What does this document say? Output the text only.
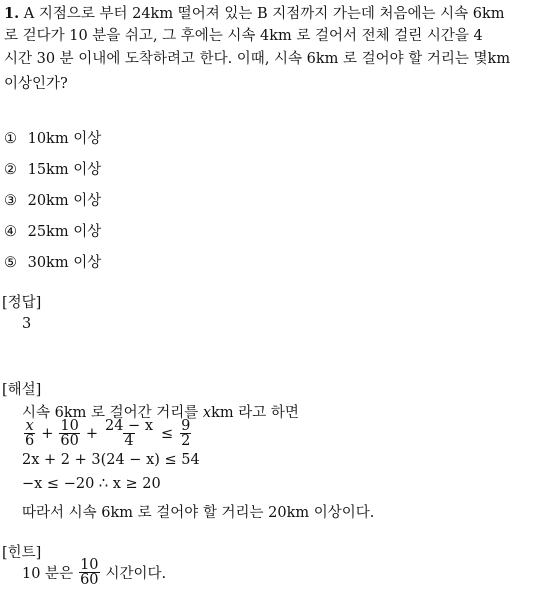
1. A 지점으로 부터 24km 떨어져 있는 B 지점까지 가는데 처음에는 시속 6km
로 걷다가 10 분을 쉬고, 그 후에는 시속 4km 로 걸어서 전체 걸린 시간을 4
시간 30 분 이내에 도착하려고 한다. 이때, 시속 6km 로 걸어야 할 거리는 몇km
이상인가?
① 10km 이상
② 15km 이상
③ 20km 이상
④ 25km 이상
⑤ 30km 이상
[정답]
3
[해설]
시속 6km 로 걸어간 거리를 xkm 라고 하면
$\frac{x}{6} + \frac{10}{60} + \frac{24 - x}{4} \le \frac{9}{2}$
2x + 2 + 3(24 − x) ≤ 54
−x ≤ −20 ∴ x ≥ 20
따라서 시속 6km 로 걸어야 할 거리는 20km 이상이다.
[힌트]
10 분은 $\frac{10}{60}$ 시간이다.
